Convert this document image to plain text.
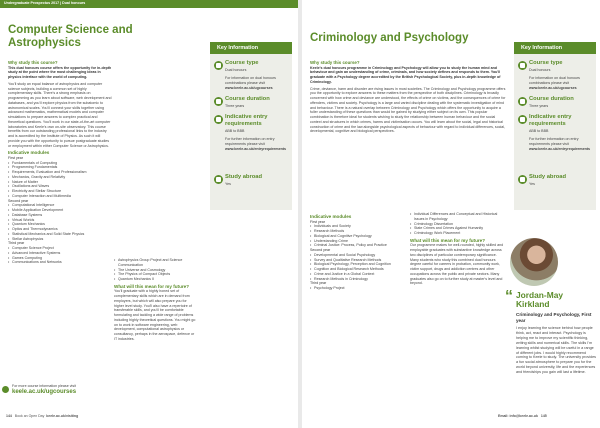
Undergraduate Prospectus 2017 | Dual honours
Computer Science and Astrophysics
Why study this course?

This dual honours course offers the opportunity for in-depth study at the point where the most challenging ideas in physics interface with the world of computing.

You'll study an equal balance of astrophysics and computer science subjects, building a common set of highly complementary skills. There's a strong emphasis on programming as you learn about software, web development and databases, and you'll explore physics from the subatomic to astronomical scales. You'll connect your skills together using advanced mathematics, mathematical models and computer simulations to prepare answers to complex practical and theoretical questions. You'll work in our state-of-the-art computer laboratories and Keele's own on-site observatory. This course benefits from our outstanding professional links to the industry and is accredited by the Institute of Physics. As such it will provide you with the opportunity to pursue postgraduate studies or employment within either Computer Science or Astrophysics.

Indicative modules
First year
• Fundamentals of Computing
• Programming Fundamentals
• Requirements, Evaluation and Professionalism
• Mechanics, Gravity and Relativity
• Nature of Matter
• Oscillations and Waves
• Electricity and Stellar Structure
• Computer Interaction and Multimedia
Second year
• Computational Intelligence
• Mobile Application Development
• Database Systems
• Virtual Worlds
• Quantum Mechanics
• Optics and Thermodynamics
• Statistical Mechanics and Solid State Physics
• Stellar Astrophysics
Third year
• Computer Science Project
• Advanced Interactive Systems
• Games Computing
• Communications and Networks
• Astrophysics Group Project and Science Communication
• The Universe and Cosmology
• The Physics of Compact Objects
• Quantum Mechanics II
What will this mean for my future?

You'll graduate with a highly honed set of complementary skills which are in demand from employers, but which will also prepare you for higher level study. You'll also have a repertoire of transferable skills, and you'll be comfortable formulating and tackling a wide range of problems including highly theoretical questions. You might go on to work in software engineering, web development, computational astrophysics or consultancy, perhaps in the aerospace, defence or IT industries.

Key Information
Course type
Dual honours
For information on dual honours combinations please visit
www.keele.ac.uk/ugcourses
Course duration
Three years
Indicative entry requirements
ABB to BBB
For further information on entry requirements please visit
www.keele.ac.uk/entryrequirements
Study abroad
Yes
For more course information please visit
keele.ac.uk/ugcourses
144 Book an Open Day keele.ac.uk/visiting
Criminology and Psychology
Why study this course?

Keele's dual honours programme in Criminology and Psychology will allow you to study the human mind and behaviour and gain an understanding of crime, criminals, and how society defines and responds to them. You'll graduate with a Psychology degree accredited by the British Psychological Society, plus in-depth knowledge of Criminology.

Crime, deviance, harm and disorder are rising issues in most societies. The Criminology and Psychology programme offers you the opportunity to explore answers to these matters from the perspective of both disciplines. Criminology is broadly concerned with how crime and deviance are understood, the effects of crime on victims, and the consequences of crime for offenders, victims and society. Psychology is a large and varied discipline dealing with the systematic investigation of mind and behaviour. There is a natural overlap between Criminology and Psychology which offers the opportunity to acquire a fuller understanding of these questions than would be gained by studying either subject on its own. This popular combination is therefore ideal for students wishing to study the relationship between human behaviour and the social context and structures in which crimes, harms and victimisation occurs. You will learn about the social, legal and historical construction of crime and the law alongside psychological aspects of behaviour with regard to individual differences, social, developmental, cognitive and biological perspectives.

Indicative modules
First year
• Individuals and Society
• Research Methods
• Biological and Cognitive Psychology
• Understanding Crime
• Criminal Justice: Process, Policy and Practice
Second year
• Developmental and Social Psychology
• Survey and Qualitative Research Methods
• Biological Psychology, Perception and Cognition
• Cognition and Biological Research Methods
• Crime and Justice in a Global Context
• Research Methods in Criminology
Third year
• Psychology Project
• Individual Differences and Conceptual and Historical Issues in Psychology
• Criminology Dissertation
• State Crimes and Crimes Against Humanity
• Criminology Work Placement
What will this mean for my future?

Our programme makes for well-rounded, highly skilled and employable graduates with substantive knowledge across two disciplines of particular contemporary significance. Many students who study this combined dual honours degree careful for careers in probation, community work, victim support, drugs and addiction centres and other occupations across the public and private sectors. Many graduates also go on to further study at master's level and beyond.

Key Information
Course type
Dual honours
For information on dual honours combinations please visit
www.keele.ac.uk/ugcourses
Course duration
Three years
Indicative entry requirements
ABB to BBB
For further information on entry requirements please visit
www.keele.ac.uk/entryrequirements
Study abroad
Yes
“ Jordan-May Kirkland
Criminology and Psychology, First year
I enjoy learning the science behind how people think, act, react and interact. Psychology is helping me to improve my scientific thinking, writing skills and numerical skills. The skills I'm learning whilst studying will be useful in a range of different jobs. I would highly recommend coming to Keele to study. The university provides a fun social atmosphere to prepare you for the world beyond university, life and the experiences and friendships you gain will last a lifetime.
Email: info@keele.ac.uk 145
